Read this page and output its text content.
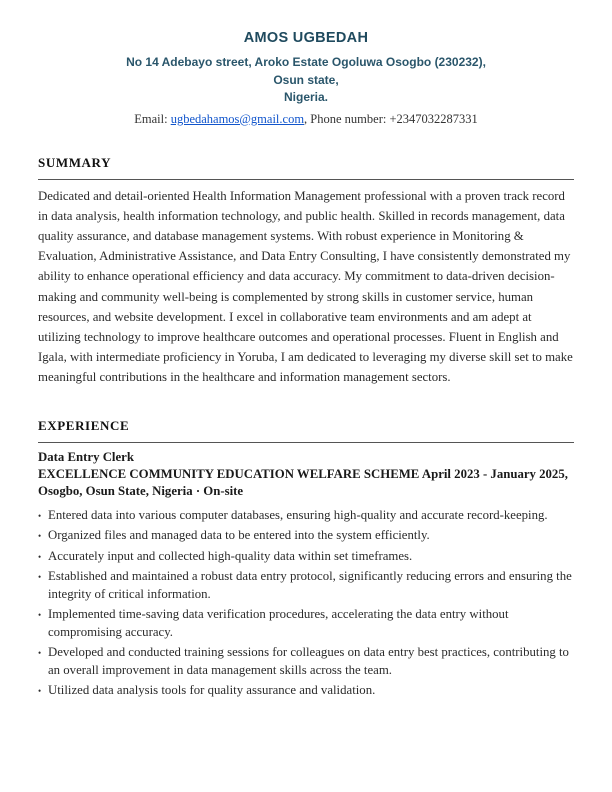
AMOS UGBEDAH

No 14 Adebayo street, Aroko Estate Ogoluwa Osogbo (230232),

Osun state,

Nigeria.

Email: ugbedahamos@gmail.com, Phone number: +2347032287331

SUMMARY

Dedicated and detail-oriented Health Information Management professional with a proven track record in data analysis, health information technology, and public health. Skilled in records management, data quality assurance, and database management systems. With robust experience in Monitoring & Evaluation, Administrative Assistance, and Data Entry Consulting, I have consistently demonstrated my ability to enhance operational efficiency and data accuracy. My commitment to data-driven decision-making and community well-being is complemented by strong skills in customer service, human resources, and website development. I excel in collaborative team environments and am adept at utilizing technology to improve healthcare outcomes and operational processes. Fluent in English and Igala, with intermediate proficiency in Yoruba, I am dedicated to leveraging my diverse skill set to make meaningful contributions in the healthcare and information management sectors.

EXPERIENCE

Data Entry Clerk

EXCELLENCE COMMUNITY EDUCATION WELFARE SCHEME April 2023 - January 2025, Osogbo, Osun State, Nigeria · On-site

• Entered data into various computer databases, ensuring high-quality and accurate record-keeping.
• Organized files and managed data to be entered into the system efficiently.
• Accurately input and collected high-quality data within set timeframes.
• Established and maintained a robust data entry protocol, significantly reducing errors and ensuring the integrity of critical information.
• Implemented time-saving data verification procedures, accelerating the data entry without compromising accuracy.
• Developed and conducted training sessions for colleagues on data entry best practices, contributing to an overall improvement in data management skills across the team.
• Utilized data analysis tools for quality assurance and validation.
